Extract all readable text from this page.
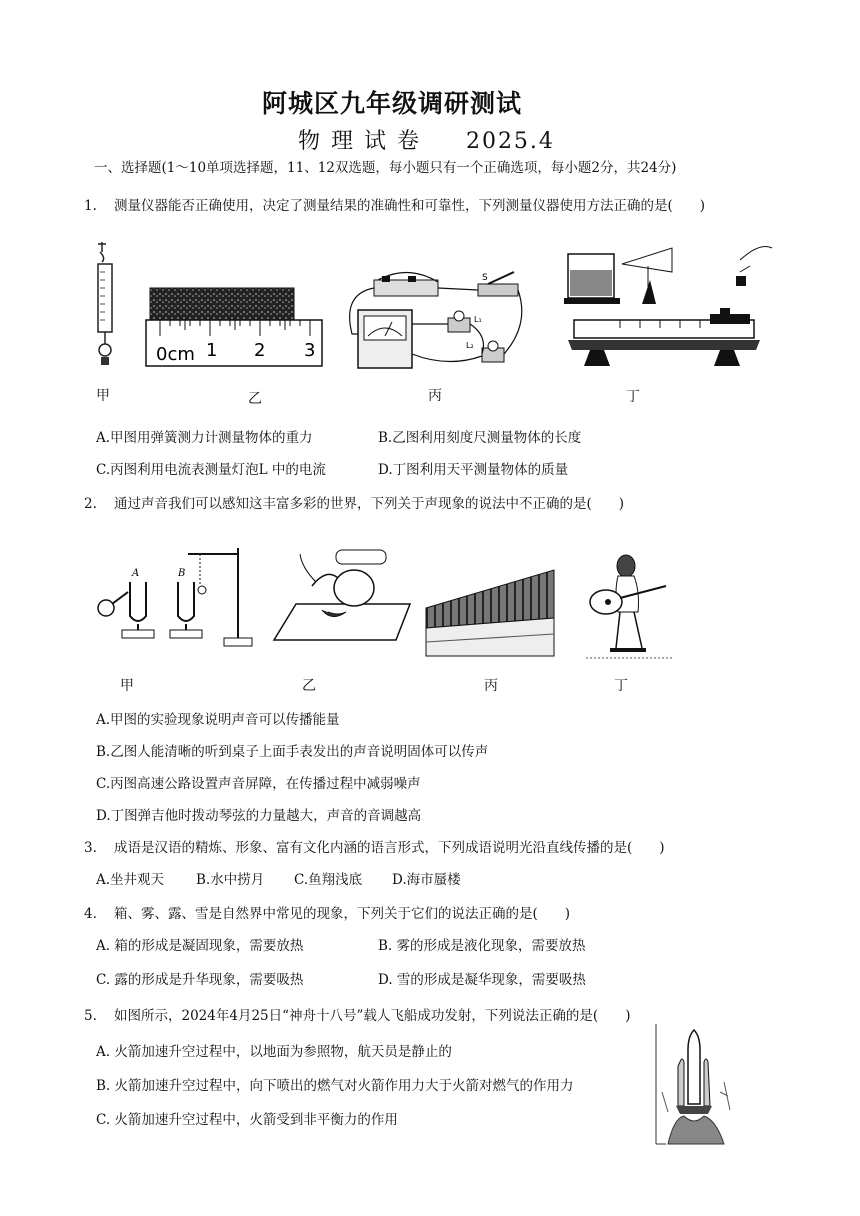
阿城区九年级调研测试
物 理 试 卷     2025.4
一、选择题(1～10单项选择题，11、12双选题，每小题只有一个正确选项，每小题2分，共24分)
1. 测量仪器能否正确使用，决定了测量结果的准确性和可靠性，下列测量仪器使用方法正确的是(　　)
甲
0cm 1 2 3
乙
S
L₁
L₂
丙	丁
A.甲图用弹簧测力计测量物体的重力	B.乙图利用刻度尺测量物体的长度
C.丙图利用电流表测量灯泡L 中的电流	D.丁图利用天平测量物体的质量
2. 通过声音我们可以感知这丰富多彩的世界，下列关于声现象的说法中不正确的是(　　)
A	B
甲	乙	丙	丁
A.甲图的实验现象说明声音可以传播能量
B.乙图人能清晰的听到桌子上面手表发出的声音说明固体可以传声
C.丙图高速公路设置声音屏障，在传播过程中减弱噪声
D.丁图弹吉他时拨动琴弦的力量越大，声音的音调越高
3. 成语是汉语的精炼、形象、富有文化内涵的语言形式，下列成语说明光沿直线传播的是(　　)
A.坐井观天 B.水中捞月 C.鱼翔浅底 D.海市蜃楼
4. 箱、雾、露、雪是自然界中常见的现象，下列关于它们的说法正确的是(　　)
A. 箱的形成是凝固现象，需要放热	B. 雾的形成是液化现象，需要放热
C. 露的形成是升华现象，需要吸热	D. 雪的形成是凝华现象，需要吸热
5. 如图所示，2024年4月25日“神舟十八号”载人飞船成功发射，下列说法正确的是(　　)
A. 火箭加速升空过程中，以地面为参照物，航天员是静止的
B. 火箭加速升空过程中，向下喷出的燃气对火箭作用力大于火箭对燃气的作用力
C. 火箭加速升空过程中，火箭受到非平衡力的作用
